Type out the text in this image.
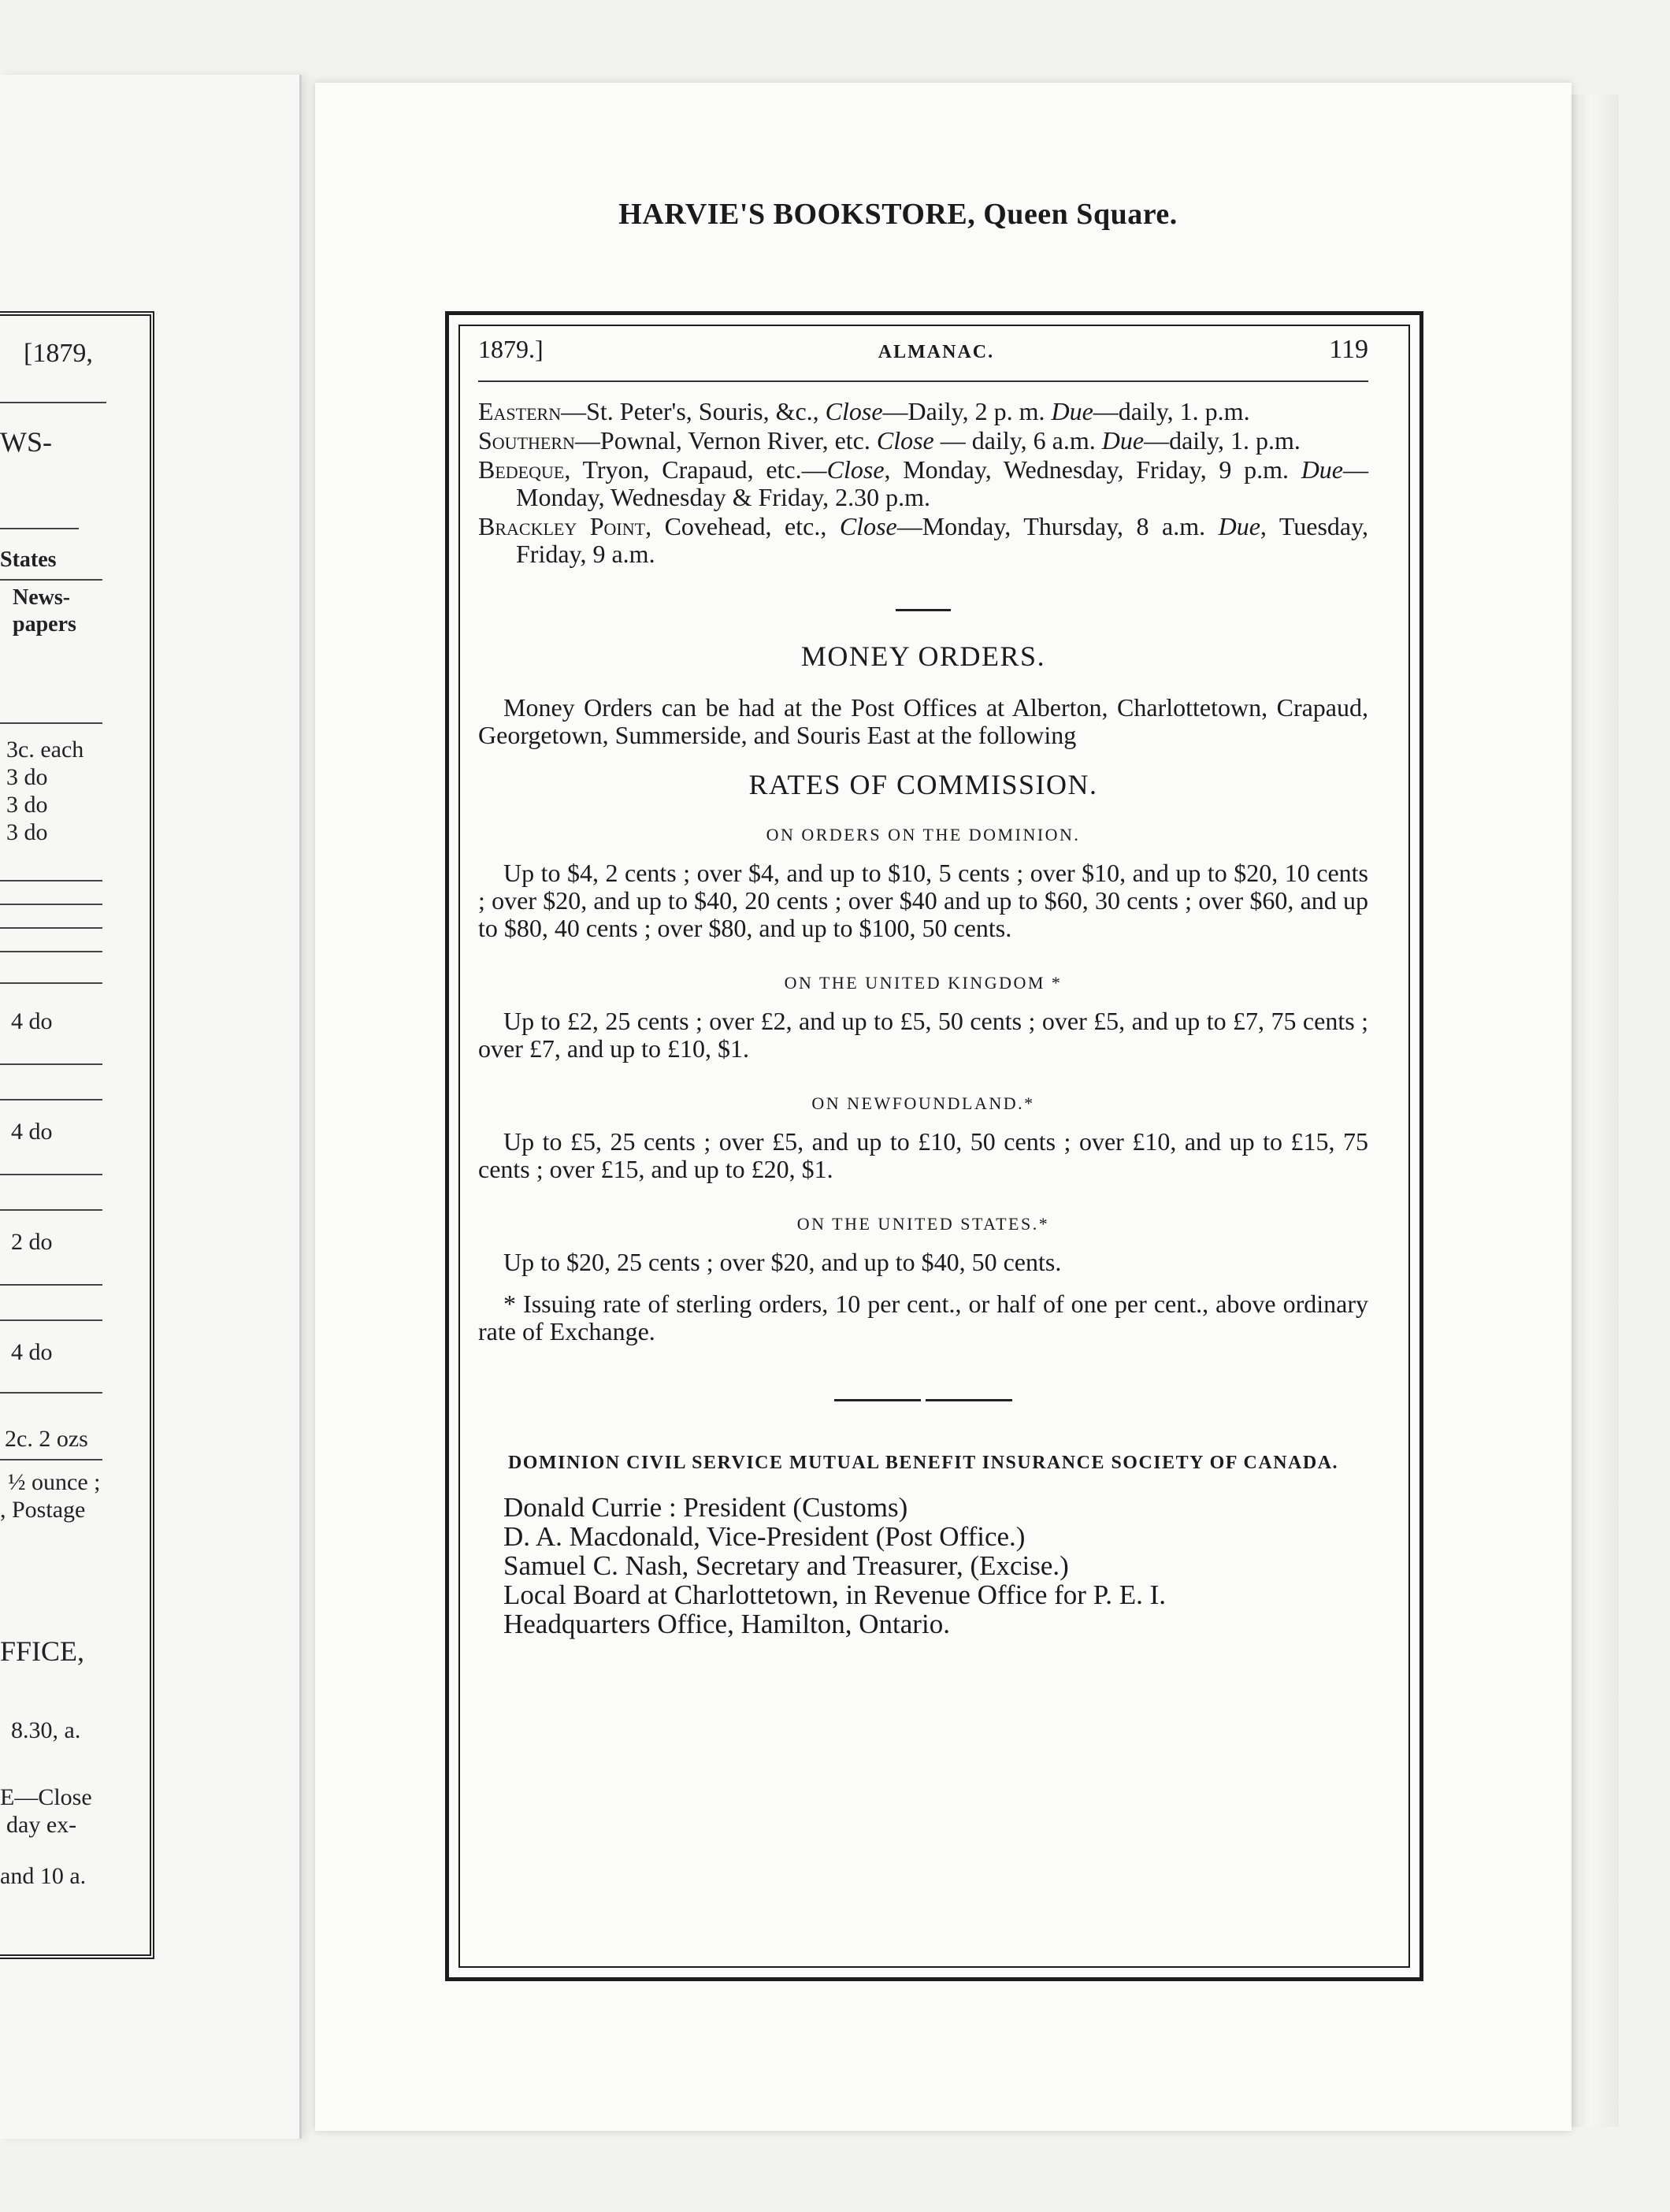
[1879,
WS-
States
News-
papers
3c. each
3 do
3 do
3 do
4 do
4 do
2 do
4 do
2c. 2 ozs
½ ounce ;
, Postage
FFICE,
8.30, a.
E—Close
day ex-
and 10 a.
HARVIE'S BOOKSTORE, Queen Square.
1879.]	ALMANAC.	119

Eastern—St. Peter's, Souris, &c., Close—Daily, 2 p. m. Due—daily, 1. p.m.

Southern—Pownal, Vernon River, etc. Close — daily, 6 a.m. Due—daily, 1. p.m.

Bedeque, Tryon, Crapaud, etc.—Close, Monday, Wednesday, Friday, 9 p.m. Due—Monday, Wednesday & Friday, 2.30 p.m.

Brackley Point, Covehead, etc., Close—Monday, Thursday, 8 a.m. Due, Tuesday, Friday, 9 a.m.

MONEY ORDERS.

Money Orders can be had at the Post Offices at Alberton, Charlottetown, Crapaud, Georgetown, Summerside, and Souris East at the following

RATES OF COMMISSION.
ON ORDERS ON THE DOMINION.

Up to $4, 2 cents ; over $4, and up to $10, 5 cents ; over $10, and up to $20, 10 cents ; over $20, and up to $40, 20 cents ; over $40 and up to $60, 30 cents ; over $60, and up to $80, 40 cents ; over $80, and up to $100, 50 cents.

ON THE UNITED KINGDOM *

Up to £2, 25 cents ; over £2, and up to £5, 50 cents ; over £5, and up to £7, 75 cents ; over £7, and up to £10, $1.

ON NEWFOUNDLAND.*

Up to £5, 25 cents ; over £5, and up to £10, 50 cents ; over £10, and up to £15, 75 cents ; over £15, and up to £20, $1.

ON THE UNITED STATES.*

Up to $20, 25 cents ; over $20, and up to $40, 50 cents.

* Issuing rate of sterling orders, 10 per cent., or half of one per cent., above ordinary rate of Exchange.

DOMINION CIVIL SERVICE MUTUAL BENEFIT INSURANCE SOCIETY OF CANADA.
Donald Currie : President (Customs)
D. A. Macdonald, Vice-President (Post Office.)
Samuel C. Nash, Secretary and Treasurer, (Excise.)
Local Board at Charlottetown, in Revenue Office for P. E. I.
Headquarters Office, Hamilton, Ontario.
